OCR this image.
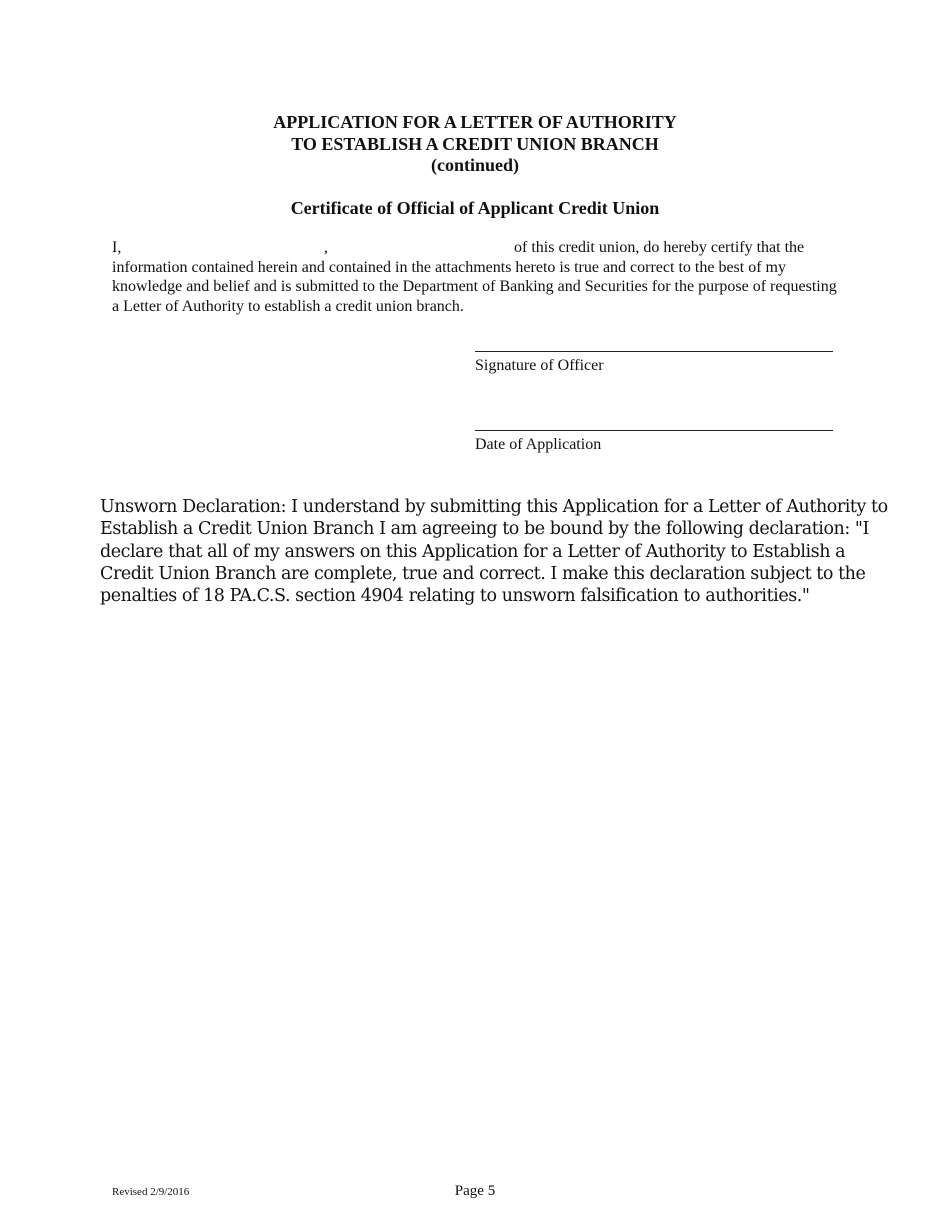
APPLICATION FOR A LETTER OF AUTHORITY
TO ESTABLISH A CREDIT UNION BRANCH
(continued)
Certificate of Official of Applicant Credit Union
I,	,	of this credit union, do hereby certify that the

information contained herein and contained in the attachments hereto is true and correct to the best of my knowledge and belief and is submitted to the Department of Banking and Securities for the purpose of requesting a Letter of Authority to establish a credit union branch.

Signature of Officer
Date of Application
Unsworn Declaration: I understand by submitting this Application for a Letter of Authority to Establish a Credit Union Branch I am agreeing to be bound by the following declaration: "I declare that all of my answers on this Application for a Letter of Authority to Establish a Credit Union Branch are complete, true and correct. I make this declaration subject to the penalties of 18 PA.C.S. section 4904 relating to unsworn falsification to authorities."
Revised 2/9/2016	Page 5
